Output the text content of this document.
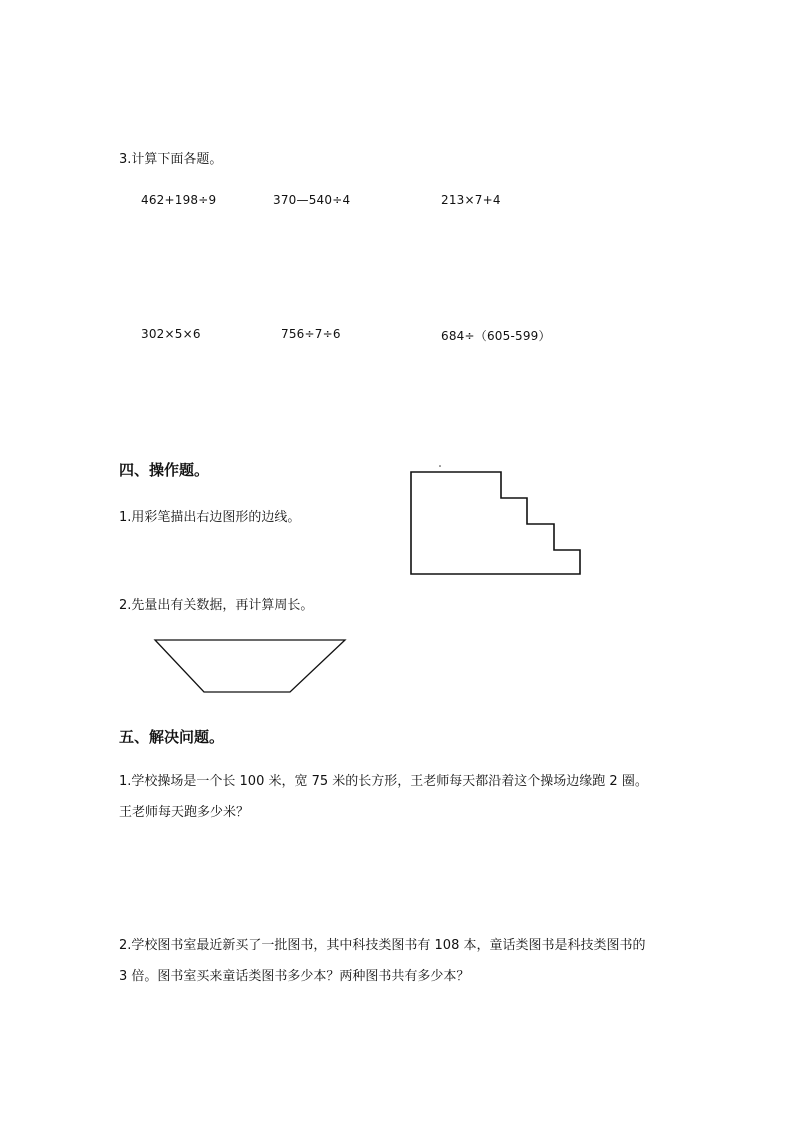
3.计算下面各题。
462+198÷9	370—540÷4	213×7+4
302×5×6	756÷7÷6	684÷（605-599）
四、操作题。
1.用彩笔描出右边图形的边线。
2.先量出有关数据，再计算周长。
五、解决问题。
1.学校操场是一个长 100 米，宽 75 米的长方形，王老师每天都沿着这个操场边缘跑 2 圈。
王老师每天跑多少米？
2.学校图书室最近新买了一批图书，其中科技类图书有 108 本，童话类图书是科技类图书的
3 倍。图书室买来童话类图书多少本？两种图书共有多少本？
